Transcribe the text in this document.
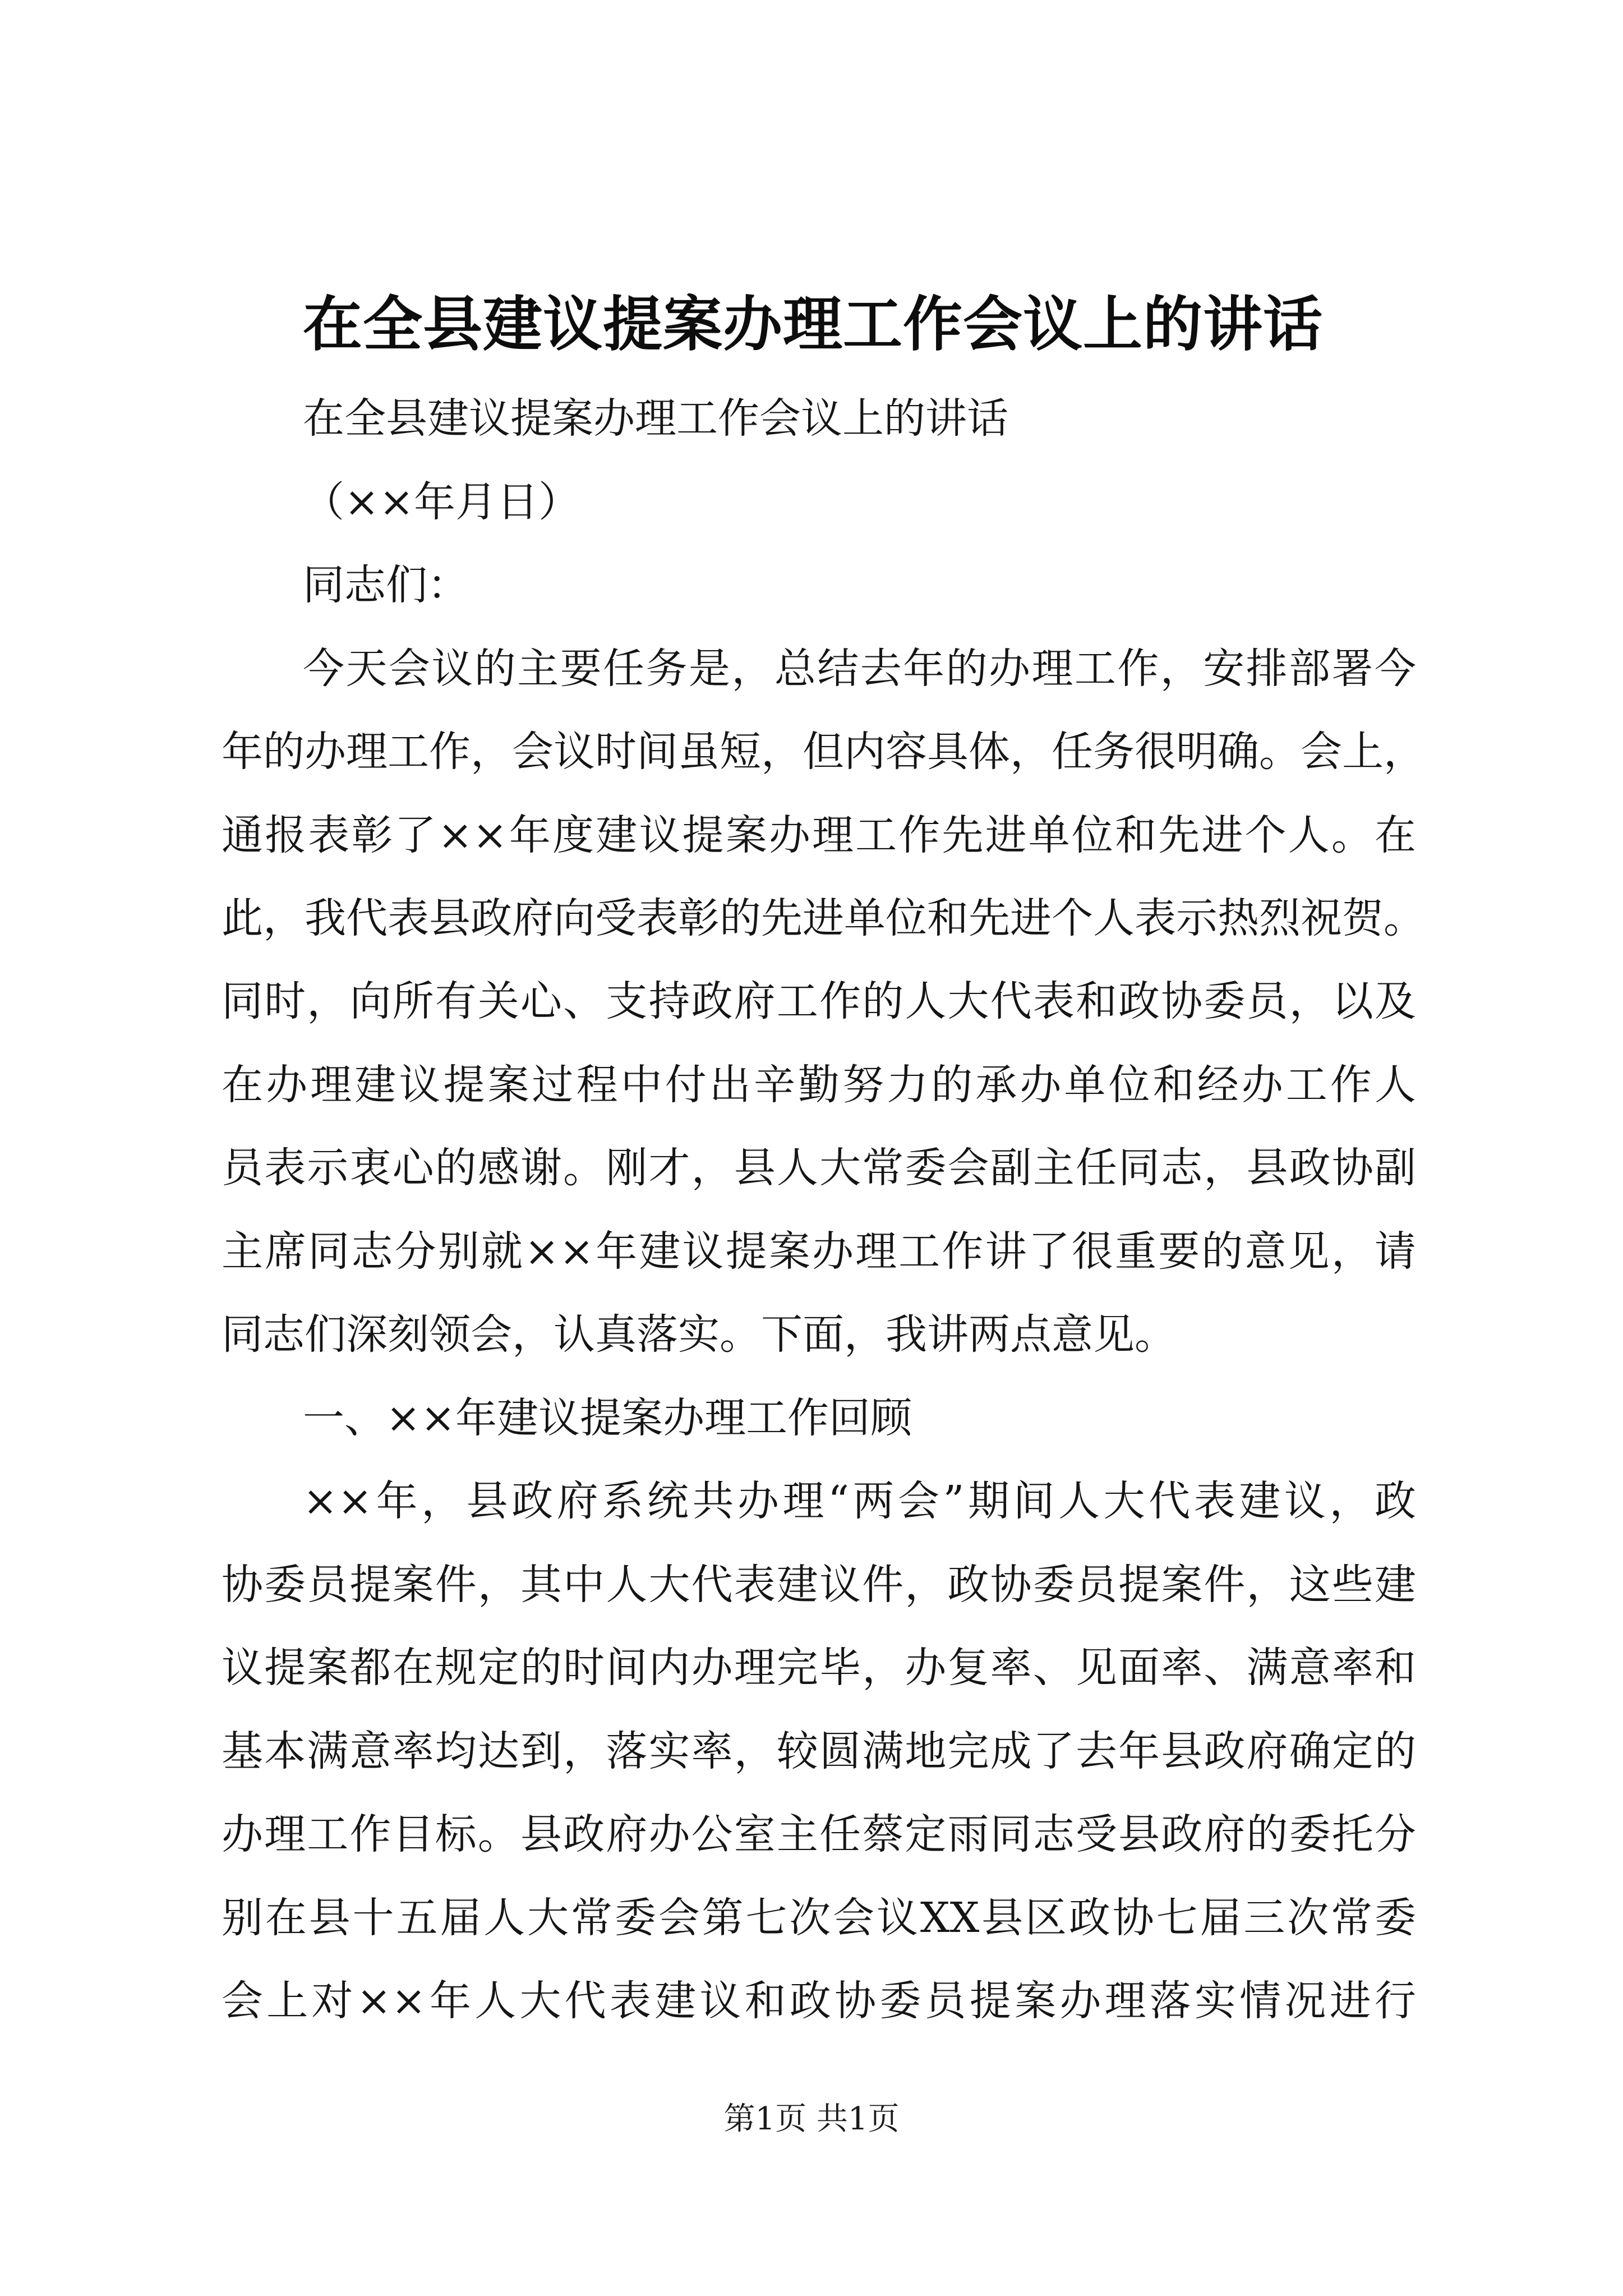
在全县建议提案办理工作会议上的讲话
在全县建议提案办理工作会议上的讲话
（××年月日）
同志们：
今天会议的主要任务是，总结去年的办理工作，安排部署今
年的办理工作，会议时间虽短，但内容具体，任务很明确。会上，
通报表彰了××年度建议提案办理工作先进单位和先进个人。在
此，我代表县政府向受表彰的先进单位和先进个人表示热烈祝贺。
同时，向所有关心、支持政府工作的人大代表和政协委员，以及
在办理建议提案过程中付出辛勤努力的承办单位和经办工作人
员表示衷心的感谢。刚才，县人大常委会副主任同志，县政协副
主席同志分别就××年建议提案办理工作讲了很重要的意见，请
同志们深刻领会，认真落实。下面，我讲两点意见。
一、××年建议提案办理工作回顾
××年，县政府系统共办理“两会”期间人大代表建议，政
协委员提案件，其中人大代表建议件，政协委员提案件，这些建
议提案都在规定的时间内办理完毕，办复率、见面率、满意率和
基本满意率均达到，落实率，较圆满地完成了去年县政府确定的
办理工作目标。县政府办公室主任蔡定雨同志受县政府的委托分
别在县十五届人大常委会第七次会议XX县区政协七届三次常委
会上对××年人大代表建议和政协委员提案办理落实情况进行
第1页 共1页
